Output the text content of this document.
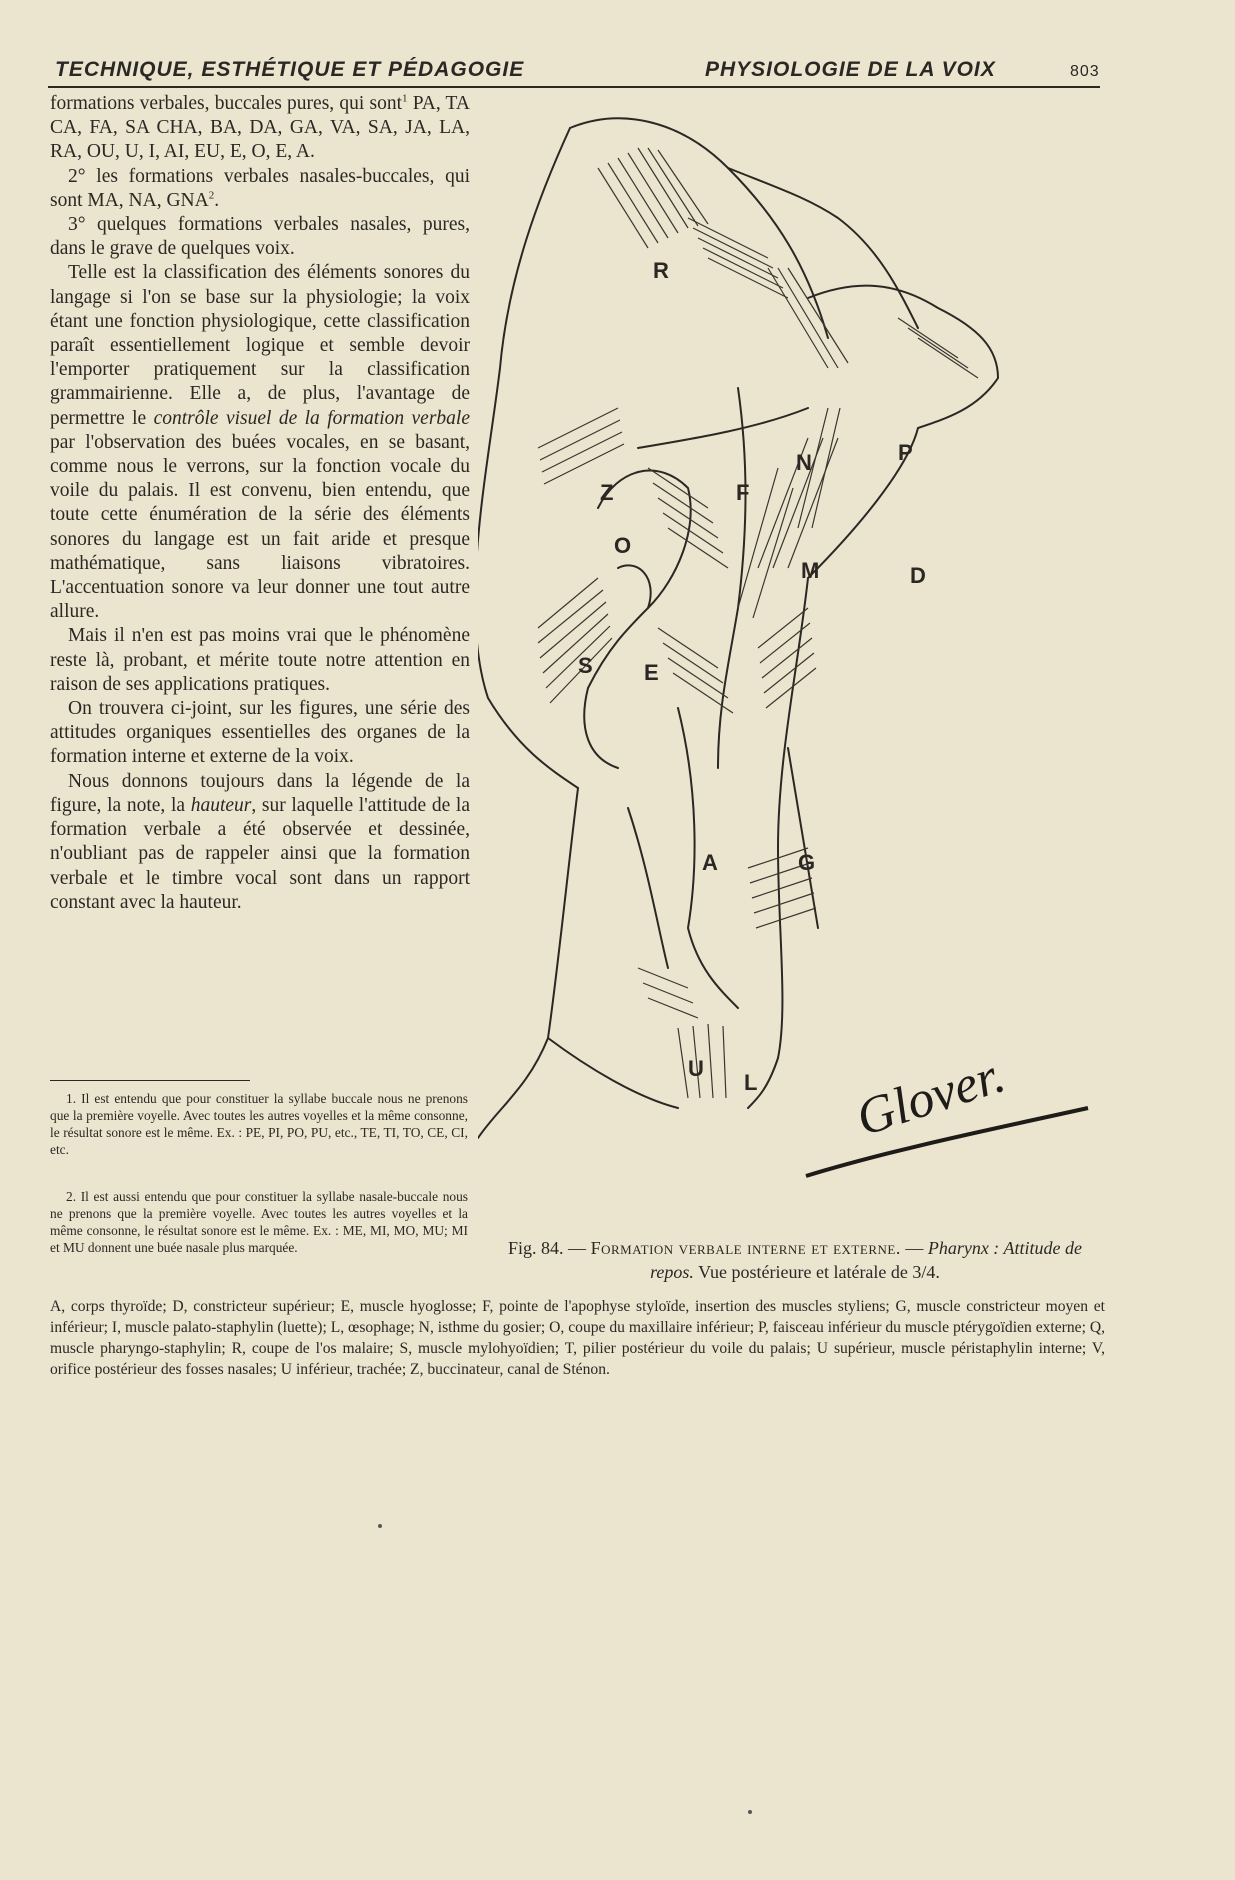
TECHNIQUE, ESTHÉTIQUE ET PÉDAGOGIE	PHYSIOLOGIE DE LA VOIX	803

formations verbales, buccales pures, qui sont$^1$ PA, TA CA, FA, SA CHA, BA, DA, GA, VA, SA, JA, LA, RA, OU, U, I, AI, EU, E, O, E, A.

2° les formations verbales nasales-buccales, qui sont MA, NA, GNA$^2$.

3° quelques formations verbales nasales, pures, dans le grave de quelques voix.

Telle est la classification des éléments sonores du langage si l'on se base sur la physiologie; la voix étant une fonction physiologique, cette classification paraît essentiellement logique et semble devoir l'emporter pratiquement sur la classification grammairienne. Elle a, de plus, l'avantage de permettre le contrôle visuel de la formation verbale par l'observation des buées vocales, en se basant, comme nous le verrons, sur la fonction vocale du voile du palais. Il est convenu, bien entendu, que toute cette énumération de la série des éléments sonores du langage est un fait aride et presque mathématique, sans liaisons vibratoires. L'accentuation sonore va leur donner une tout autre allure.

Mais il n'en est pas moins vrai que le phénomène reste là, probant, et mérite toute notre attention en raison de ses applications pratiques.

On trouvera ci-joint, sur les figures, une série des attitudes organiques essentielles des organes de la formation interne et externe de la voix.

Nous donnons toujours dans la légende de la figure, la note, la hauteur, sur laquelle l'attitude de la formation verbale a été observée et dessinée, n'oubliant pas de rappeler ainsi que la formation verbale et le timbre vocal sont dans un rapport constant avec la hauteur.

1. Il est entendu que pour constituer la syllabe buccale nous ne prenons que la première voyelle. Avec toutes les autres voyelles et la même consonne, le résultat sonore est le même. Ex. : PE, PI, PO, PU, etc., TE, TI, TO, CE, CI, etc.

2. Il est aussi entendu que pour constituer la syllabe nasale-buccale nous ne prenons que la première voyelle. Avec toutes les autres voyelles et la même consonne, le résultat sonore est le même. Ex. : ME, MI, MO, MU; MI et MU donnent une buée nasale plus marquée.

R
N	P
Z	F
O
M	D
S E
A	G
U
L Glover.
Fig. 84. — Formation verbale interne et externe. — Pharynx : Attitude de repos. Vue postérieure et latérale de 3/4.
A, corps thyroïde; D, constricteur supérieur; E, muscle hyoglosse; F, pointe de l'apophyse styloïde, insertion des muscles styliens; G, muscle constricteur moyen et inférieur; I, muscle palato-staphylin (luette); L, œsophage; N, isthme du gosier; O, coupe du maxillaire inférieur; P, faisceau inférieur du muscle ptérygoïdien externe; Q, muscle pharyngo-staphylin; R, coupe de l'os malaire; S, muscle mylohyoïdien; T, pilier postérieur du voile du palais; U supérieur, muscle péristaphylin interne; V, orifice postérieur des fosses nasales; U inférieur, trachée; Z, buccinateur, canal de Sténon.
